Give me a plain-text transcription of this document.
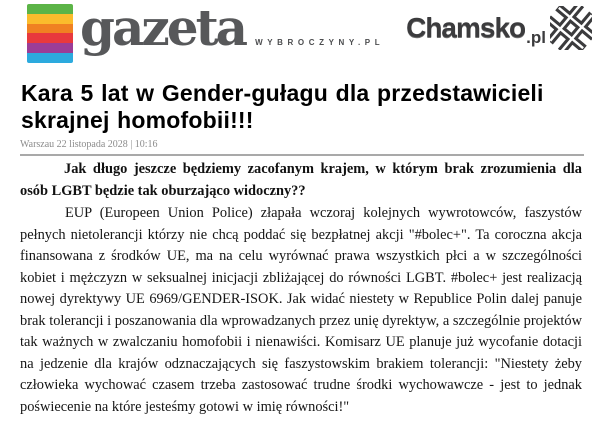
gazeta WYBROCZYNY.PL Chamsko .pl
Kara 5 lat w Gender-gułagu dla przedstawicieli skrajnej homofobii!!!
Warszau 22 listopada 2028 | 10:16

Jak długo jeszcze będziemy zacofanym krajem, w którym brak zrozumienia dla osób LGBT będzie tak oburzająco widoczny??

EUP (Europeen Union Police) złapała wczoraj kolejnych wywrotowców, faszystów pełnych nietolerancji którzy nie chcą poddać się bezpłatnej akcji "#bolec+". Ta coroczna akcja finansowana z środków UE, ma na celu wyrównać prawa wszystkich płci a w szczególności kobiet i mężczyzn w seksualnej inicjacji zbliżającej do równości LGBT. #bolec+ jest realizacją nowej dyrektywy UE 6969/GENDER-ISOK. Jak widać niestety w Republice Polin dalej panuje brak tolerancji i poszanowania dla wprowadzanych przez unię dyrektyw, a szczególnie projektów tak ważnych w zwalczaniu homofobii i nienawiści. Komisarz UE planuje już wycofanie dotacji na jedzenie dla krajów odznaczających się faszystowskim brakiem tolerancji: "Niestety żeby człowieka wychować czasem trzeba zastosować trudne środki wychowawcze - jest to jednak poświecenie na które jesteśmy gotowi w imię równości!"
